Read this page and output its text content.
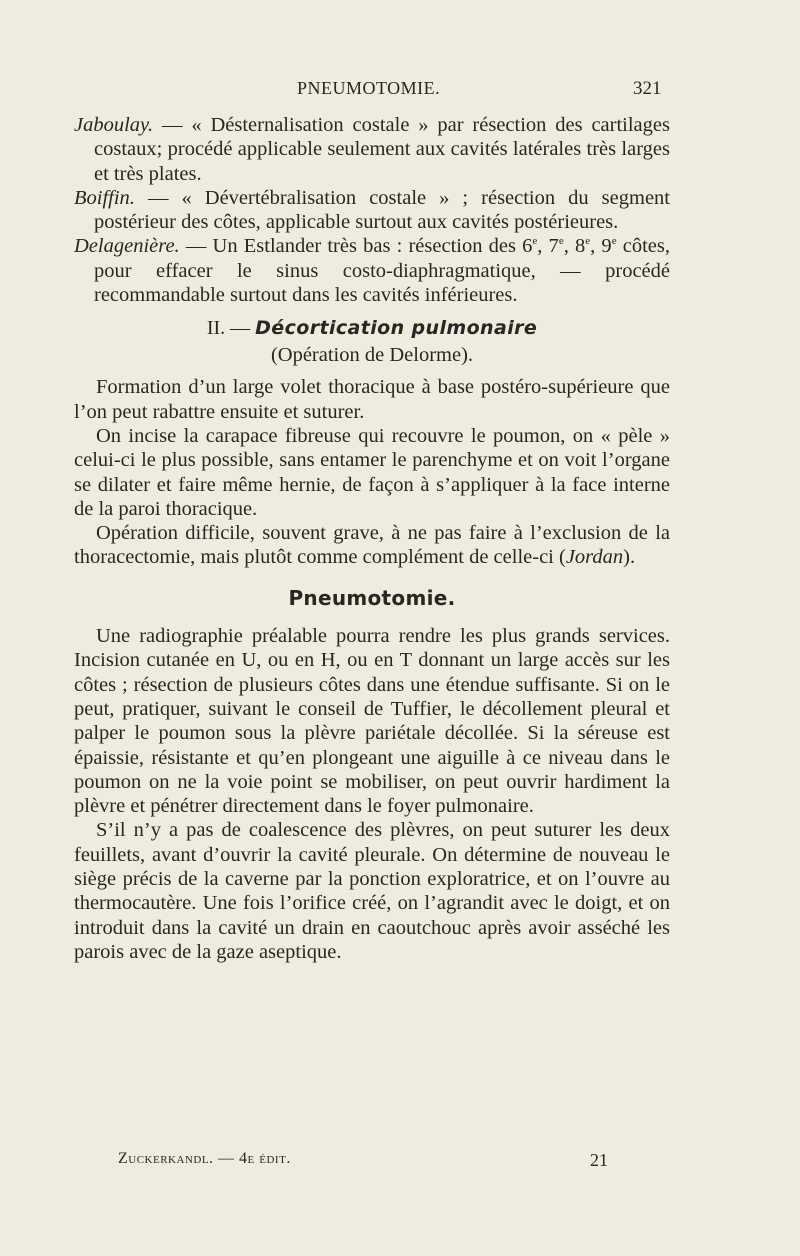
PNEUMOTOMIE.	321

Jaboulay. — « Désternalisation costale » par résection des cartilages costaux; procédé applicable seulement aux cavités latérales très larges et très plates.

Boiffin. — « Dévertébralisation costale » ; résection du segment postérieur des côtes, applicable surtout aux cavités postérieures.

Delagenière. — Un Estlander très bas : résection des 6e, 7e, 8e, 9e côtes, pour effacer le sinus costo-diaphragmatique, — procédé recommandable surtout dans les cavités inférieures.

II. — Décortication pulmonaire
(Opération de Delorme).

Formation d’un large volet thoracique à base postéro-supérieure que l’on peut rabattre ensuite et suturer.

On incise la carapace fibreuse qui recouvre le poumon, on « pèle » celui-ci le plus possible, sans entamer le parenchyme et on voit l’organe se dilater et faire même hernie, de façon à s’appliquer à la face interne de la paroi thoracique.

Opération difficile, souvent grave, à ne pas faire à l’exclusion de la thoracectomie, mais plutôt comme complément de celle-ci (Jordan).

Pneumotomie.

Une radiographie préalable pourra rendre les plus grands services. Incision cutanée en U, ou en H, ou en T donnant un large accès sur les côtes ; résection de plusieurs côtes dans une étendue suffisante. Si on le peut, pratiquer, suivant le conseil de Tuffier, le décollement pleural et palper le poumon sous la plèvre pariétale décollée. Si la séreuse est épaissie, résistante et qu’en plongeant une aiguille à ce niveau dans le poumon on ne la voie point se mobiliser, on peut ouvrir hardiment la plèvre et pénétrer directement dans le foyer pulmonaire.

S’il n’y a pas de coalescence des plèvres, on peut suturer les deux feuillets, avant d’ouvrir la cavité pleurale. On détermine de nouveau le siège précis de la caverne par la ponction exploratrice, et on l’ouvre au thermocautère. Une fois l’orifice créé, on l’agrandit avec le doigt, et on introduit dans la cavité un drain en caoutchouc après avoir asséché les parois avec de la gaze aseptique.

Zuckerkandl. — 4e édit.	21
